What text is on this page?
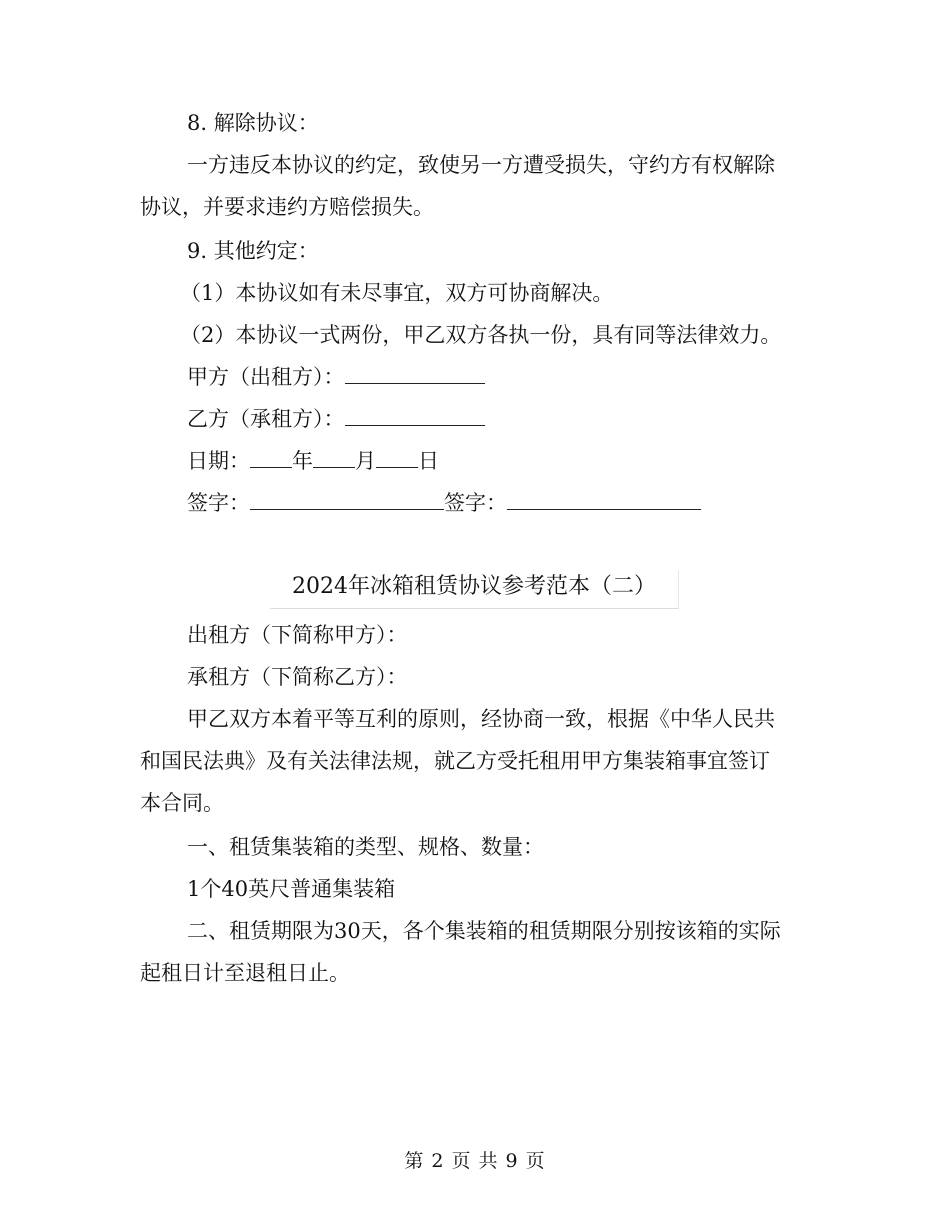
8. 解除协议：
一方违反本协议的约定，致使另一方遭受损失，守约方有权解除
协议，并要求违约方赔偿损失。
9. 其他约定：
（1）本协议如有未尽事宜，双方可协商解决。
（2）本协议一式两份，甲乙双方各执一份，具有同等法律效力。
甲方（出租方）：
乙方（承租方）：
日期： 年 月 日
签字：	签字：
2024年冰箱租赁协议参考范本（二）
出租方（下简称甲方）：
承租方（下简称乙方）：
甲乙双方本着平等互利的原则，经协商一致，根据《中华人民共
和国民法典》及有关法律法规，就乙方受托租用甲方集装箱事宜签订
本合同。
一、租赁集装箱的类型、规格、数量：
1个40英尺普通集装箱
二、租赁期限为30天，各个集装箱的租赁期限分别按该箱的实际
起租日计至退租日止。
第 2 页 共 9 页
